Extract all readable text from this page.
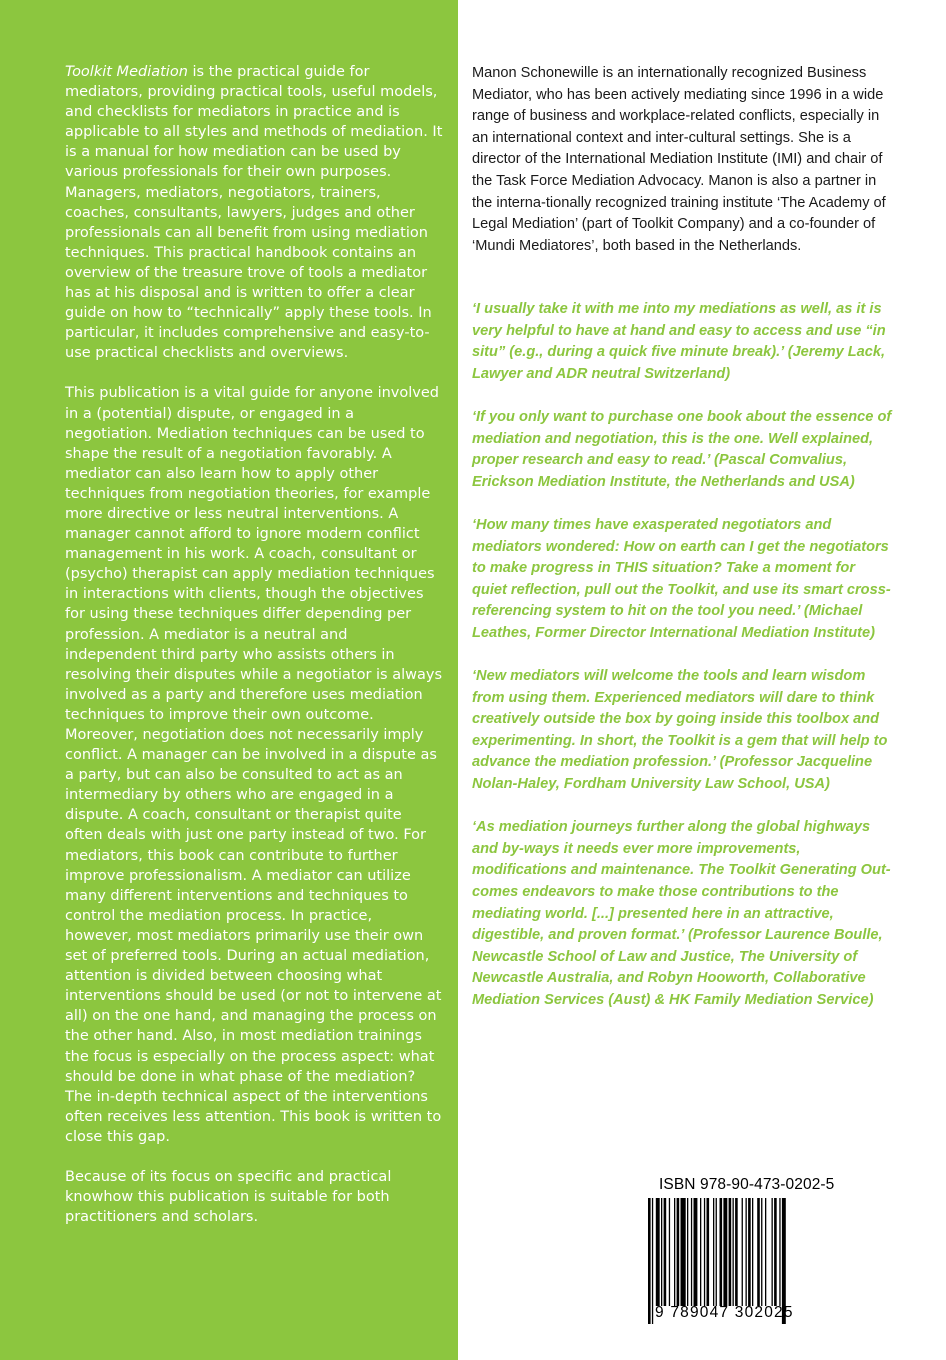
Toolkit Mediation is the practical guide for mediators, providing practical tools, useful models, and checklists for mediators in practice and is applicable to all styles and methods of mediation. It is a manual for how mediation can be used by various professionals for their own purposes. Managers, mediators, negotiators, trainers, coaches, consultants, lawyers, judges and other professionals can all benefit from using mediation techniques. This practical handbook contains an overview of the treasure trove of tools a mediator has at his disposal and is written to offer a clear guide on how to “technically” apply these tools. In particular, it includes comprehensive and easy-to-use practical checklists and overviews.

This publication is a vital guide for anyone involved in a (potential) dispute, or engaged in a negotiation. Mediation techniques can be used to shape the result of a negotiation favorably. A mediator can also learn how to apply other techniques from negotiation theories, for example more directive or less neutral interventions. A manager cannot afford to ignore modern conflict management in his work. A coach, consultant or (psycho) therapist can apply mediation techniques in interactions with clients, though the objectives for using these techniques differ depending per profession. A mediator is a neutral and independent third party who assists others in resolving their disputes while a negotiator is always involved as a party and therefore uses mediation techniques to improve their own outcome. Moreover, negotiation does not necessarily imply conflict. A manager can be involved in a dispute as a party, but can also be consulted to act as an intermediary by others who are engaged in a dispute. A coach, consultant or therapist quite often deals with just one party instead of two. For mediators, this book can contribute to further improve professionalism. A mediator can utilize many different interventions and techniques to control the mediation process. In practice, however, most mediators primarily use their own set of preferred tools. During an actual mediation, attention is divided between choosing what interventions should be used (or not to intervene at all) on the one hand, and managing the process on the other hand. Also, in most mediation trainings the focus is especially on the process aspect: what should be done in what phase of the mediation? The in-depth technical aspect of the interventions often receives less attention. This book is written to close this gap.

Because of its focus on specific and practical knowhow this publication is suitable for both practitioners and scholars.

Manon Schonewille is an internationally recognized Business Mediator, who has been actively mediating since 1996 in a wide range of business and workplace-related conflicts, especially in an international context and inter-cultural settings. She is a director of the International Mediation Institute (IMI) and chair of the Task Force Mediation Advocacy. Manon is also a partner in the interna-tionally recognized training institute ‘The Academy of Legal Mediation’ (part of Toolkit Company) and a co-founder of ‘Mundi Mediatores’, both based in the Netherlands.

‘I usually take it with me into my mediations as well, as it is very helpful to have at hand and easy to access and use “in situ” (e.g., during a quick five minute break).’ (Jeremy Lack, Lawyer and ADR neutral Switzerland)

‘If you only want to purchase one book about the essence of mediation and negotiation, this is the one. Well explained, proper research and easy to read.’ (Pascal Comvalius, Erickson Mediation Institute, the Netherlands and USA)

‘How many times have exasperated negotiators and mediators wondered: How on earth can I get the negotiators to make progress in THIS situation? Take a moment for quiet reflection, pull out the Toolkit, and use its smart cross-referencing system to hit on the tool you need.’ (Michael Leathes, Former Director International Mediation Institute)

‘New mediators will welcome the tools and learn wisdom from using them. Experienced mediators will dare to think creatively outside the box by going inside this toolbox and experimenting. In short, the Toolkit is a gem that will help to advance the mediation profession.’ (Professor Jacqueline Nolan-Haley, Fordham University Law School, USA)

‘As mediation journeys further along the global highways and by-ways it needs ever more improvements, modifications and maintenance. The Toolkit Generating Out- comes endeavors to make those contributions to the mediating world. [...] presented here in an attractive, digestible, and proven format.’ (Professor Laurence Boulle, Newcastle School of Law and Justice, The University of Newcastle Australia, and Robyn Hooworth, Collaborative Mediation Services (Aust) & HK Family Mediation Service)

ISBN 978-90-473-0202-5
9 789047 302025
